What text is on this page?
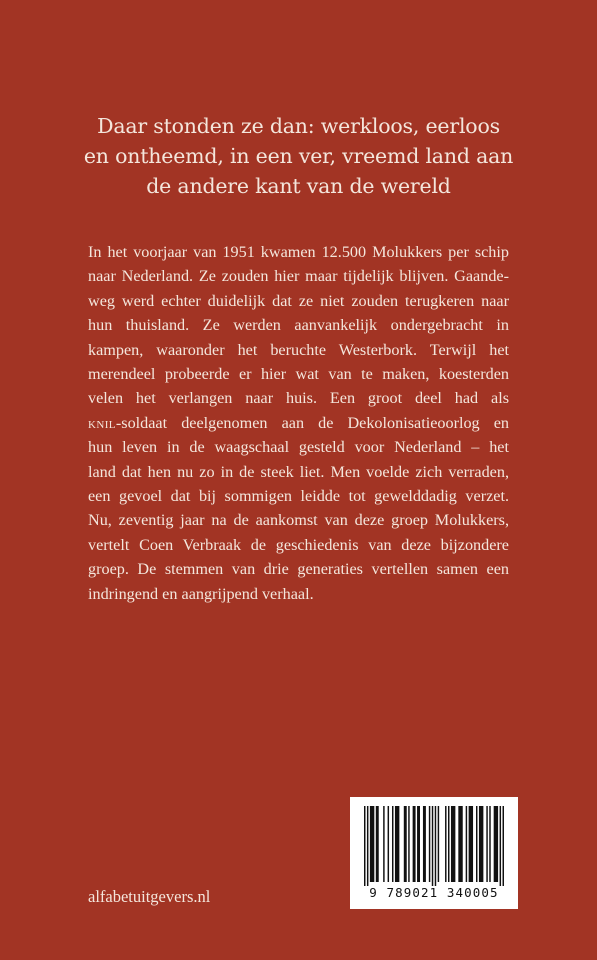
Daar stonden ze dan: werkloos, eerloos
en ontheemd, in een ver, vreemd land aan
de andere kant van de wereld
In het voorjaar van 1951 kwamen 12.500 Molukkers per schip
naar Nederland. Ze zouden hier maar tijdelijk blijven. Gaande-
weg werd echter duidelijk dat ze niet zouden terugkeren naar
hun thuisland. Ze werden aanvankelijk ondergebracht in
kampen, waaronder het beruchte Westerbork. Terwijl het
merendeel probeerde er hier wat van te maken, koesterden
velen het verlangen naar huis. Een groot deel had als
knil-soldaat deelgenomen aan de Dekolonisatieoorlog en
hun leven in de waagschaal gesteld voor Nederland – het
land dat hen nu zo in de steek liet. Men voelde zich verraden,
een gevoel dat bij sommigen leidde tot gewelddadig verzet.
Nu, zeventig jaar na de aankomst van deze groep Molukkers,
vertelt Coen Verbraak de geschiedenis van deze bijzondere
groep. De stemmen van drie generaties vertellen samen een
indringend en aangrijpend verhaal.
alfabetuitgevers.nl	9 789021 340005
